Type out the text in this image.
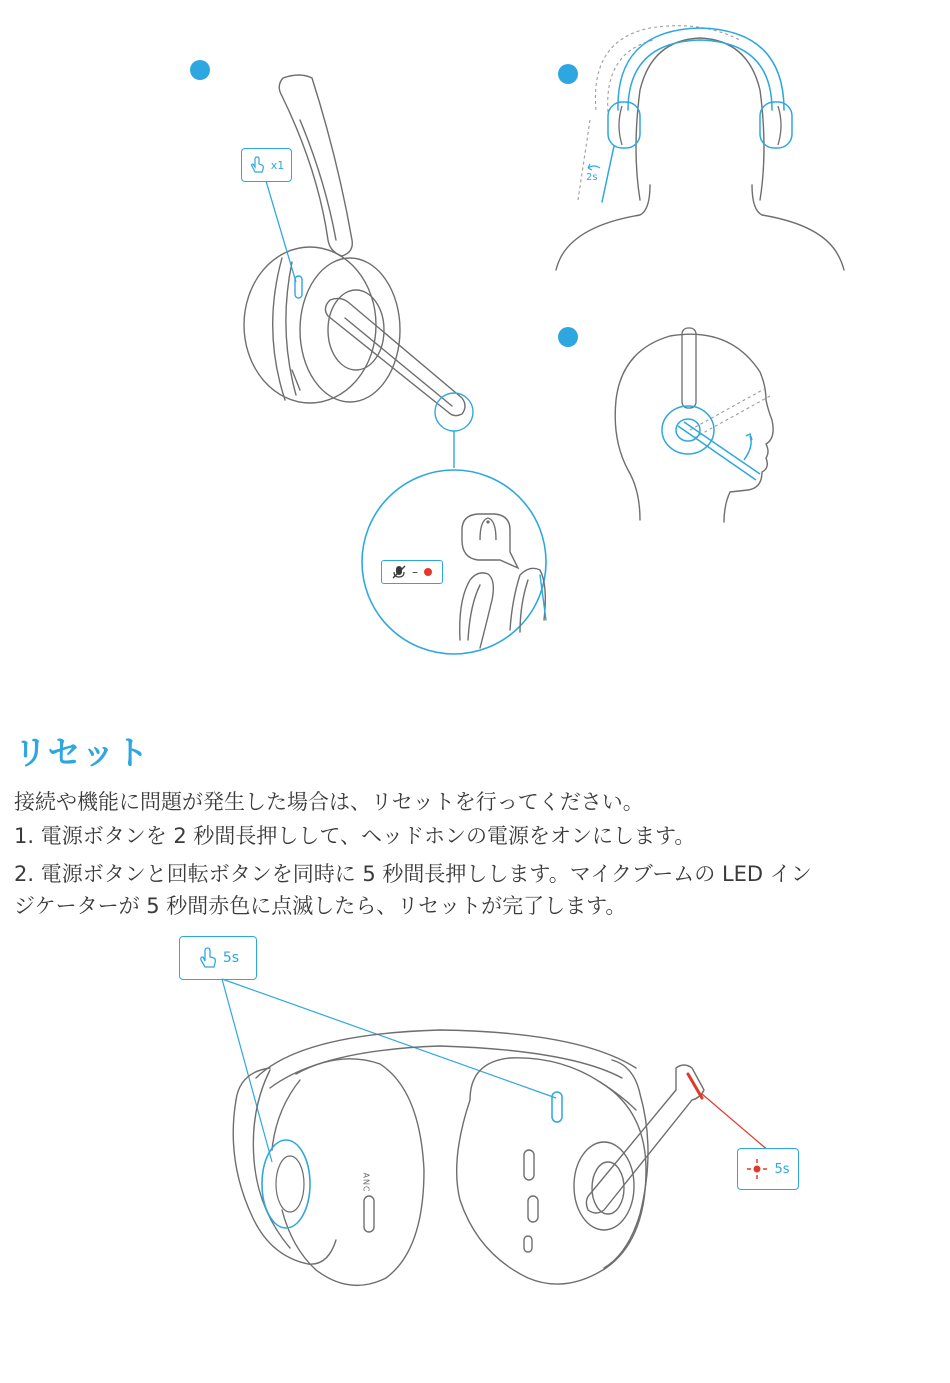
x1
–
2s
リセット
接続や機能に問題が発生した場合は、リセットを行ってください。
1. 電源ボタンを 2 秒間長押しして、ヘッドホンの電源をオンにします。
2. 電源ボタンと回転ボタンを同時に 5 秒間長押しします。マイクブームの LED イン
ジケーターが 5 秒間赤色に点滅したら、リセットが完了します。
5s
ANC
5s
